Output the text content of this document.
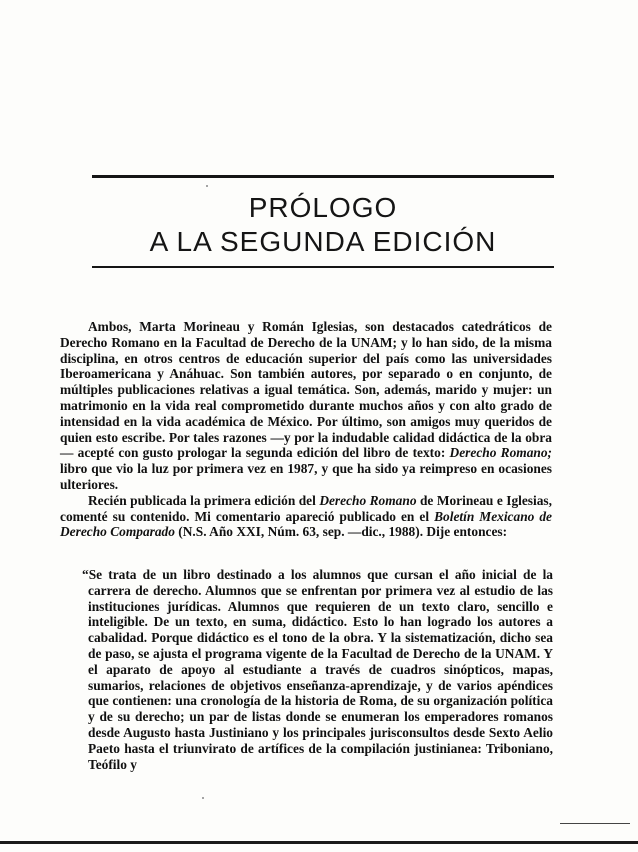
PRÓLOGO
A LA SEGUNDA EDICIÓN

Ambos, Marta Morineau y Román Iglesias, son destacados catedráticos de Derecho Romano en la Facultad de Derecho de la UNAM; y lo han sido, de la misma disciplina, en otros centros de educación superior del país como las universidades Iberoamericana y Anáhuac. Son también autores, por separado o en conjunto, de múltiples publicaciones relativas a igual temática. Son, además, marido y mujer: un matrimonio en la vida real comprometido durante muchos años y con alto grado de intensidad en la vida académica de México. Por último, son amigos muy queridos de quien esto escribe. Por tales razones —y por la indudable calidad didáctica de la obra— acepté con gusto prologar la segunda edición del libro de texto: Derecho Romano; libro que vio la luz por primera vez en 1987, y que ha sido ya reimpreso en ocasiones ulteriores.

Recién publicada la primera edición del Derecho Romano de Morineau e Iglesias, comenté su contenido. Mi comentario apareció publicado en el Boletín Mexicano de Derecho Comparado (N.S. Año XXI, Núm. 63, sep. —dic., 1988). Dije entonces:

“Se trata de un libro destinado a los alumnos que cursan el año inicial de la carrera de derecho. Alumnos que se enfrentan por primera vez al estudio de las instituciones jurídicas. Alumnos que requieren de un texto claro, sencillo e inteligible. De un texto, en suma, didáctico. Esto lo han logrado los autores a cabalidad. Porque didáctico es el tono de la obra. Y la sistematización, dicho sea de paso, se ajusta el programa vigente de la Facultad de Derecho de la UNAM. Y el aparato de apoyo al estudiante a través de cuadros sinópticos, mapas, sumarios, relaciones de objetivos enseñanza-aprendizaje, y de varios apéndices que contienen: una cronología de la historia de Roma, de su organización política y de su derecho; un par de listas donde se enumeran los emperadores romanos desde Augusto hasta Justiniano y los principales jurisconsultos desde Sexto Aelio Paeto hasta el triunvirato de artífices de la compilación justinianea: Triboniano, Teófilo y
